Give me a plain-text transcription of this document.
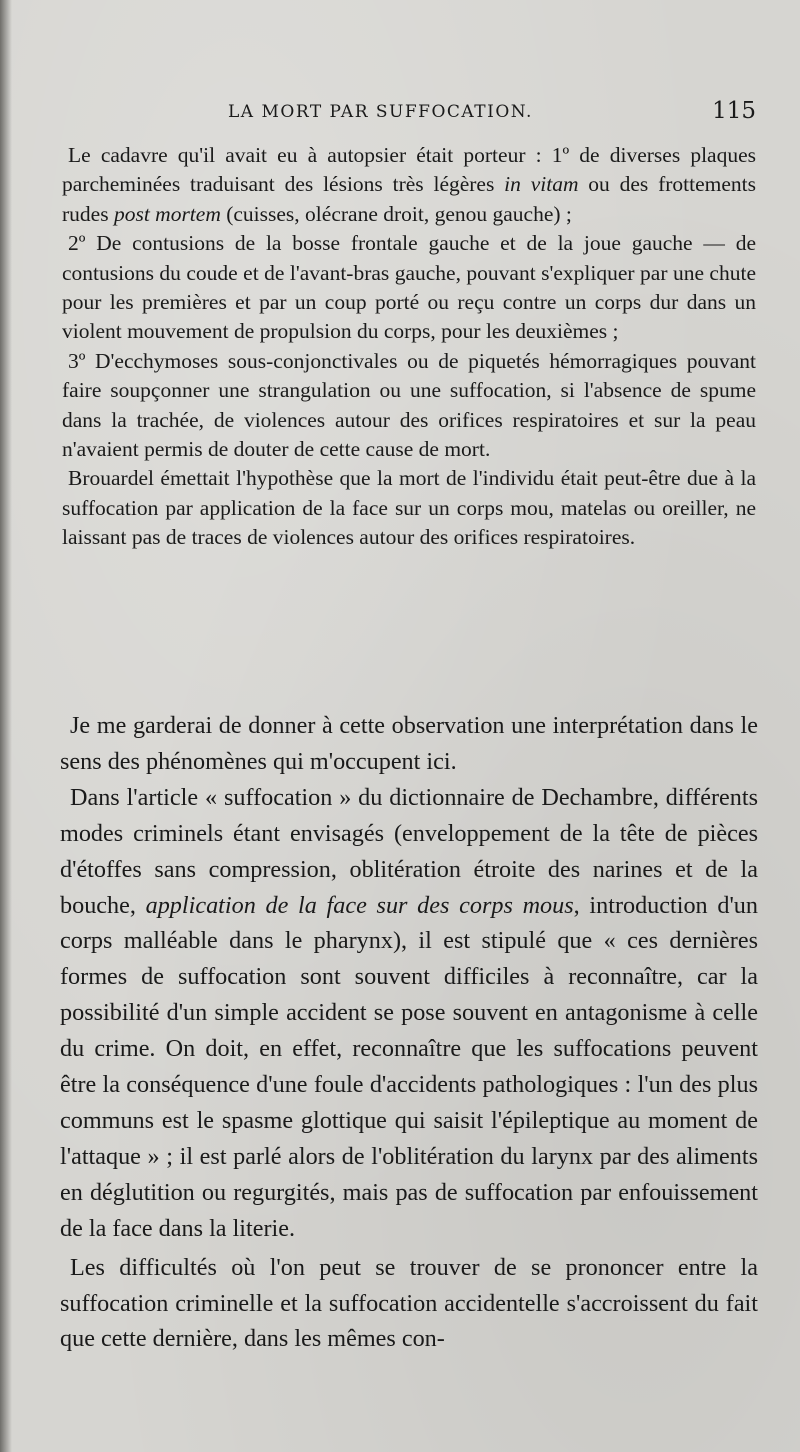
LA MORT PAR SUFFOCATION.	115

Le cadavre qu'il avait eu à autopsier était porteur : 1º de diverses plaques parcheminées traduisant des lésions très légères in vitam ou des frottements rudes post mortem (cuisses, olécrane droit, genou gauche) ;

2º De contusions de la bosse frontale gauche et de la joue gauche — de contusions du coude et de l'avant-bras gauche, pouvant s'expliquer par une chute pour les premières et par un coup porté ou reçu contre un corps dur dans un violent mouvement de propulsion du corps, pour les deuxièmes ;

3º D'ecchymoses sous-conjonctivales ou de piquetés hémorragiques pouvant faire soupçonner une strangulation ou une suffocation, si l'absence de spume dans la trachée, de violences autour des orifices respiratoires et sur la peau n'avaient permis de douter de cette cause de mort.

Brouardel émettait l'hypothèse que la mort de l'individu était peut-être due à la suffocation par application de la face sur un corps mou, matelas ou oreiller, ne laissant pas de traces de violences autour des orifices respiratoires.

Je me garderai de donner à cette observation une interprétation dans le sens des phénomènes qui m'occupent ici.

Dans l'article « suffocation » du dictionnaire de Dechambre, différents modes criminels étant envisagés (enveloppement de la tête de pièces d'étoffes sans compression, oblitération étroite des narines et de la bouche, application de la face sur des corps mous, introduction d'un corps malléable dans le pharynx), il est stipulé que « ces dernières formes de suffocation sont souvent difficiles à reconnaître, car la possibilité d'un simple accident se pose souvent en antagonisme à celle du crime. On doit, en effet, reconnaître que les suffocations peuvent être la conséquence d'une foule d'accidents pathologiques : l'un des plus communs est le spasme glottique qui saisit l'épileptique au moment de l'attaque » ; il est parlé alors de l'oblitération du larynx par des aliments en déglutition ou regurgités, mais pas de suffocation par enfouissement de la face dans la literie.

Les difficultés où l'on peut se trouver de se prononcer entre la suffocation criminelle et la suffocation accidentelle s'accroissent du fait que cette dernière, dans les mêmes con-
